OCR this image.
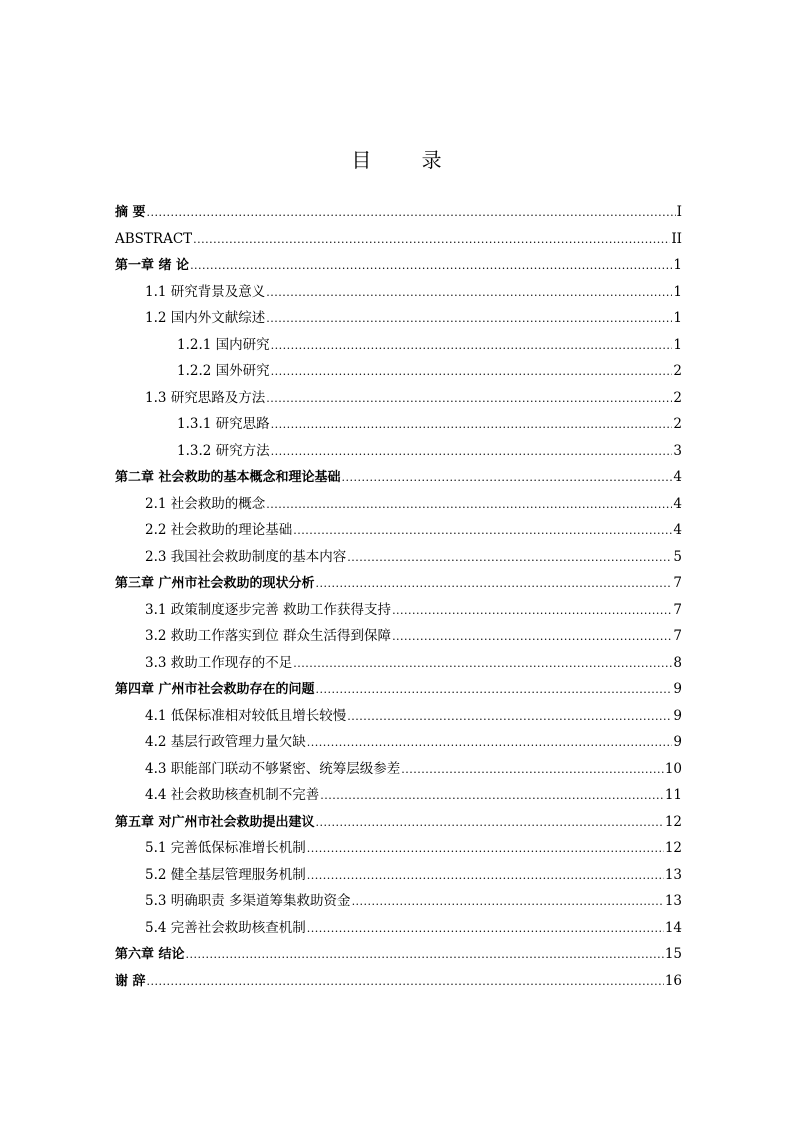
目 录
摘 要 .....	I
ABSTRACT .....	II
第一章 绪 论 .....	1
1.1 研究背景及意义 .....	1
1.2 国内外文献综述 .....	1
1.2.1 国内研究 .....	1
1.2.2 国外研究 .....	2
1.3 研究思路及方法 .....	2
1.3.1 研究思路 .....	2
1.3.2 研究方法 .....	3
第二章 社会救助的基本概念和理论基础 .....	4
2.1 社会救助的概念 .....	4
2.2 社会救助的理论基础 .....	4
2.3 我国社会救助制度的基本内容 .....	5
第三章 广州市社会救助的现状分析 .....	7
3.1 政策制度逐步完善 救助工作获得支持 .....	7
3.2 救助工作落实到位 群众生活得到保障 .....	7
3.3 救助工作现存的不足 .....	8
第四章 广州市社会救助存在的问题 .....	9
4.1 低保标准相对较低且增长较慢 .....	9
4.2 基层行政管理力量欠缺 .....	9
4.3 职能部门联动不够紧密、统筹层级参差 .....	10
4.4 社会救助核查机制不完善 .....	11
第五章 对广州市社会救助提出建议 .....	12
5.1 完善低保标准增长机制 .....	12
5.2 健全基层管理服务机制 .....	13
5.3 明确职责 多渠道筹集救助资金 .....	13
5.4 完善社会救助核查机制 .....	14
第六章 结论 .....	15
谢 辞 .....	16
